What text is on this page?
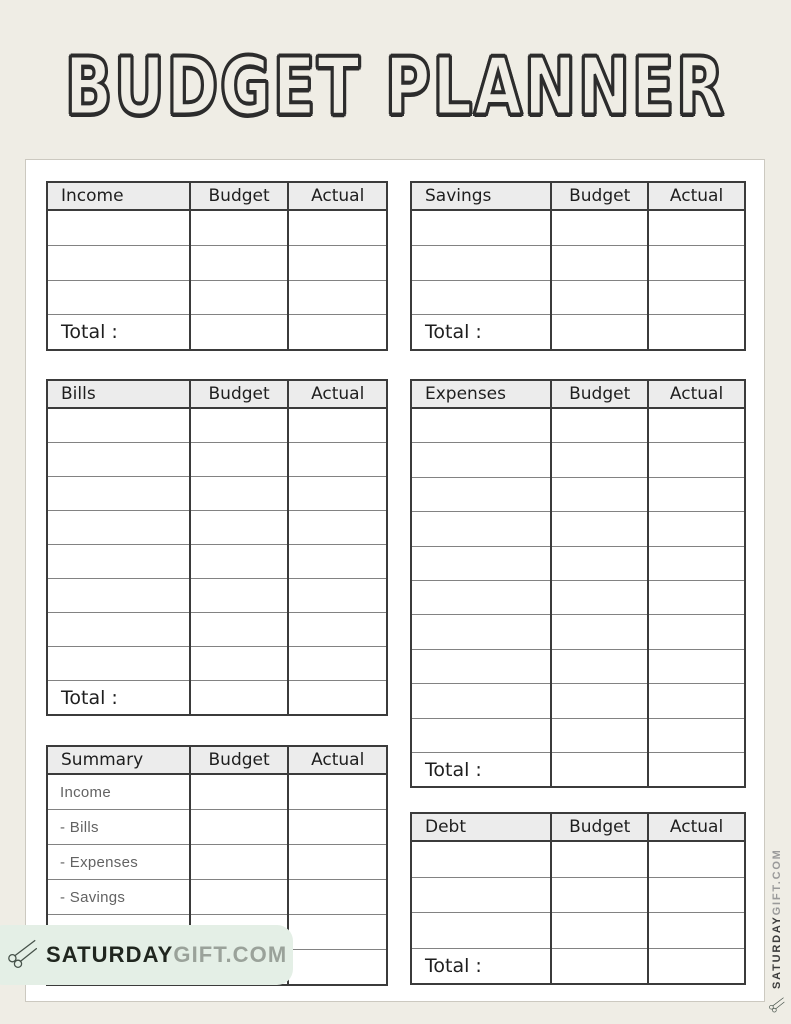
BUDGET PLANNER
Income	Budget	Actual

Total :		
Savings	Budget	Actual

Total :		
Bills	Budget	Actual

Total :		
Expenses	Budget	Actual

Total :		
Summary	Budget	Actual
Income		
- Bills		
- Expenses		
- Savings		

Debt	Budget	Actual

Total :		
SATURDAYGIFT.COM	SATURDAYGIFT.COM
